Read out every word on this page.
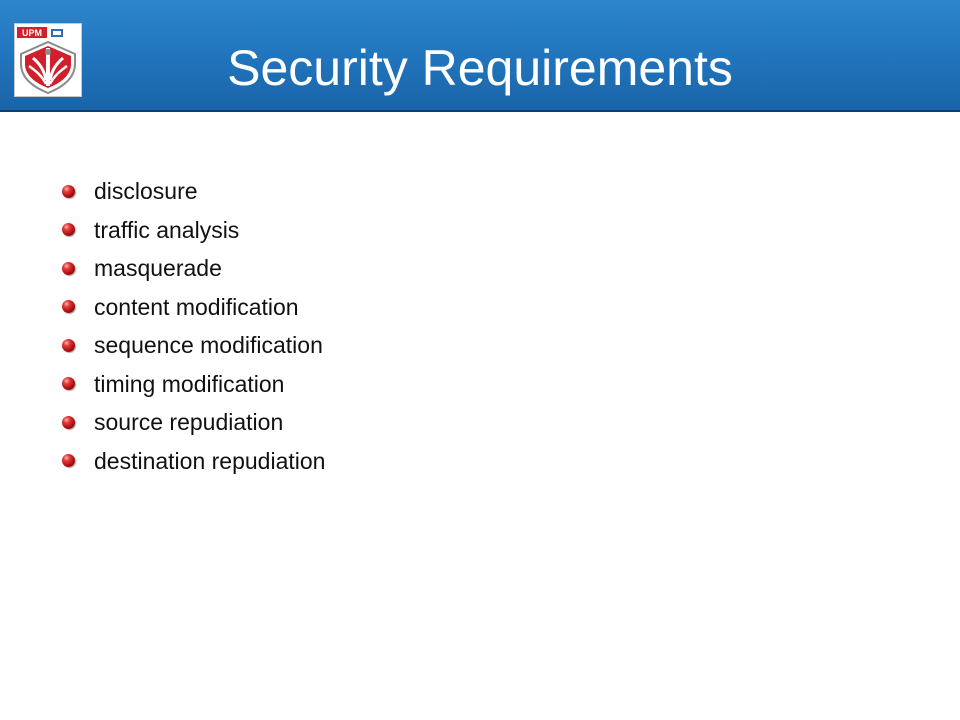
UPM
Security Requirements
disclosure
traffic analysis
masquerade
content modification
sequence modification
timing modification
source repudiation
destination repudiation
